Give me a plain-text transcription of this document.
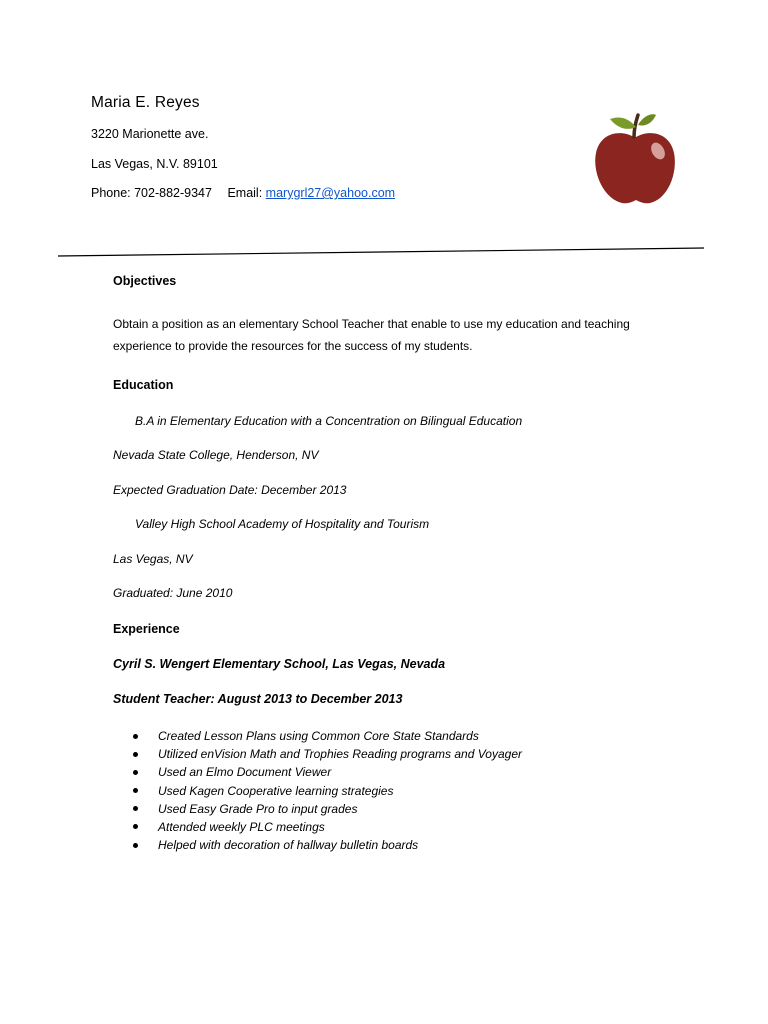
Maria E. Reyes
3220 Marionette ave.
Las Vegas, N.V. 89101
Phone: 702-882-9347 Email: marygrl27@yahoo.com
Objectives
Obtain a position as an elementary School Teacher that enable to use my education and teaching experience to provide the resources for the success of my students.
Education
B.A in Elementary Education with a Concentration on Bilingual Education
Nevada State College, Henderson, NV
Expected Graduation Date: December 2013
Valley High School Academy of Hospitality and Tourism
Las Vegas, NV
Graduated: June 2010
Experience
Cyril S. Wengert Elementary School, Las Vegas, Nevada
Student Teacher: August 2013 to December 2013
Created Lesson Plans using Common Core State Standards
Utilized enVision Math and Trophies Reading programs and Voyager
Used an Elmo Document Viewer
Used Kagen Cooperative learning strategies
Used Easy Grade Pro to input grades
Attended weekly PLC meetings
Helped with decoration of hallway bulletin boards
